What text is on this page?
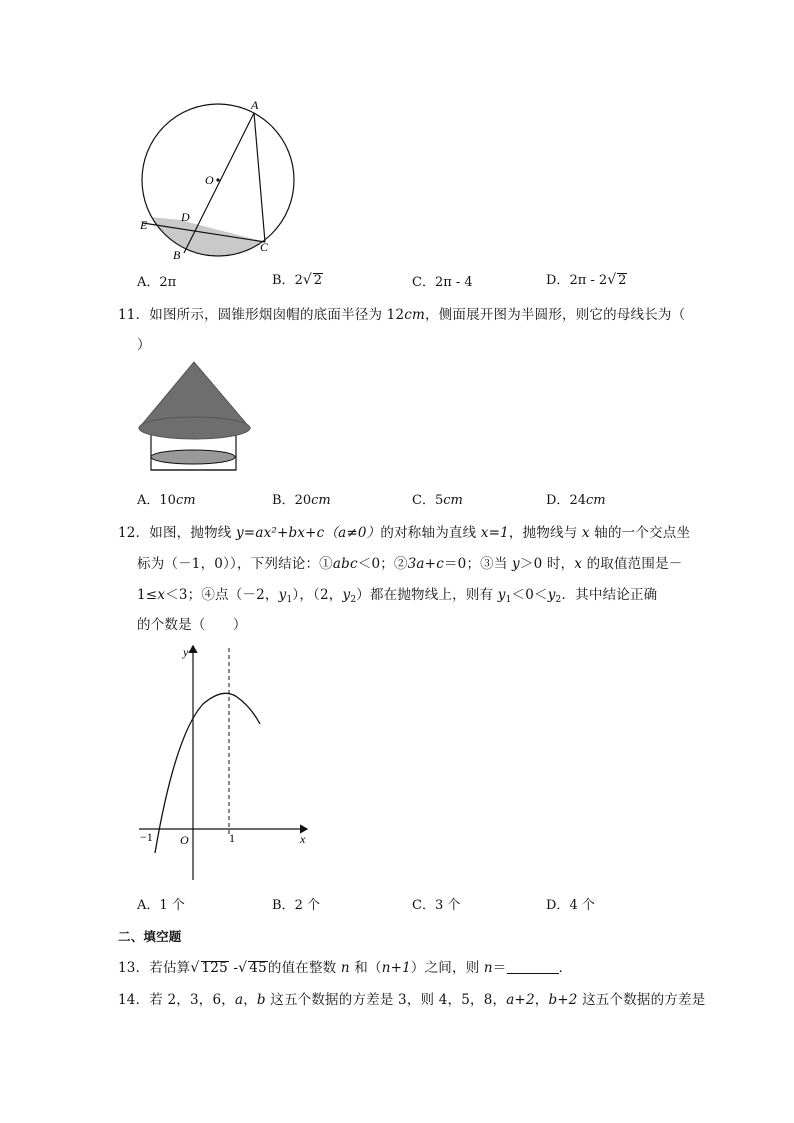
A
O
E
D
B
C
A．2π	B．2√ 2	C．2π - 4	D．2π - 2√ 2
11．如图所示，圆锥形烟囱帽的底面半径为 12cm，侧面展开图为半圆形，则它的母线长为（
）
A．10cm	B．20cm	C．5cm	D．24cm
12．如图，抛物线 y=ax²+bx+c（a≠0）的对称轴为直线 x=1，抛物线与 x 轴的一个交点坐
标为（－1，0）），下列结论：①abc＜0；②3a+c＝0；③当 y＞0 时，x 的取值范围是－
1≤x＜3；④点（－2，$y_1$），（2，$y_2$）都在抛物线上，则有 $y_1<0<y_2$．其中结论正确
的个数是（　　）
y
x
O
−1	1
A．1 个	B．2 个	C．3 个	D．4 个
二、填空题
13．若估算√ 125 -√ 45的值在整数 n 和（n+1）之间，则 n＝	．
14．若 2，3，6，a，b 这五个数据的方差是 3，则 4，5，8，a+2，b+2 这五个数据的方差是
